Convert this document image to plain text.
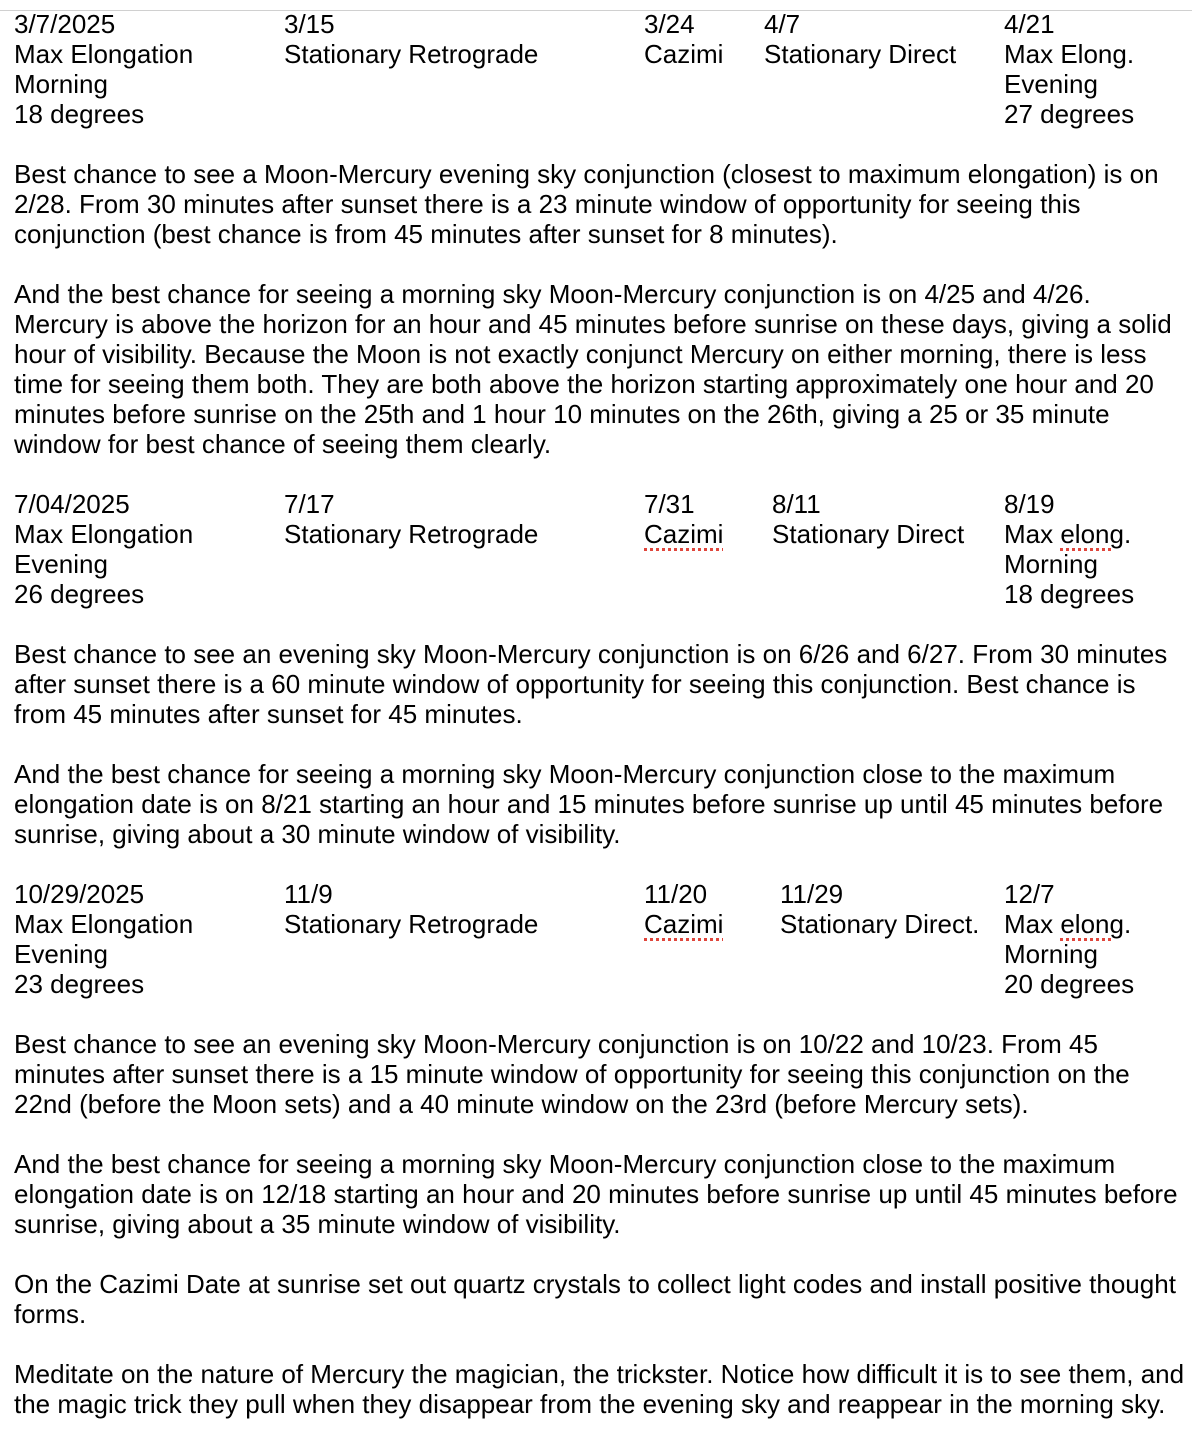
3/7/2025
Max Elongation
Morning
18 degrees
3/15
Stationary Retrograde
3/24
Cazimi
4/7
Stationary Direct
4/21
Max Elong.
Evening
27 degrees

Best chance to see a Moon-Mercury evening sky conjunction (closest to maximum elongation) is on 2/28. From 30 minutes after sunset there is a 23 minute window of opportunity for seeing this conjunction (best chance is from 45 minutes after sunset for 8 minutes).

And the best chance for seeing a morning sky Moon-Mercury conjunction is on 4/25 and 4/26. Mercury is above the horizon for an hour and 45 minutes before sunrise on these days, giving a solid hour of visibility. Because the Moon is not exactly conjunct Mercury on either morning, there is less time for seeing them both. They are both above the horizon starting approximately one hour and 20 minutes before sunrise on the 25th and 1 hour 10 minutes on the 26th, giving a 25 or 35 minute window for best chance of seeing them clearly.

7/04/2025
Max Elongation
Evening
26 degrees
7/17
Stationary Retrograde
7/31
Cazimi
8/11
Stationary Direct
8/19
Max elong.
Morning
18 degrees

Best chance to see an evening sky Moon-Mercury conjunction is on 6/26 and 6/27. From 30 minutes after sunset there is a 60 minute window of opportunity for seeing this conjunction. Best chance is from 45 minutes after sunset for 45 minutes.

And the best chance for seeing a morning sky Moon-Mercury conjunction close to the maximum elongation date is on 8/21 starting an hour and 15 minutes before sunrise up until 45 minutes before sunrise, giving about a 30 minute window of visibility.

10/29/2025
Max Elongation
Evening
23 degrees
11/9
Stationary Retrograde
11/20
Cazimi
11/29
Stationary Direct.
12/7
Max elong.
Morning
20 degrees

Best chance to see an evening sky Moon-Mercury conjunction is on 10/22 and 10/23. From 45 minutes after sunset there is a 15 minute window of opportunity for seeing this conjunction on the 22nd (before the Moon sets) and a 40 minute window on the 23rd (before Mercury sets).

And the best chance for seeing a morning sky Moon-Mercury conjunction close to the maximum elongation date is on 12/18 starting an hour and 20 minutes before sunrise up until 45 minutes before sunrise, giving about a 35 minute window of visibility.

On the Cazimi Date at sunrise set out quartz crystals to collect light codes and install positive thought forms.

Meditate on the nature of Mercury the magician, the trickster. Notice how difficult it is to see them, and the magic trick they pull when they disappear from the evening sky and reappear in the morning sky.
